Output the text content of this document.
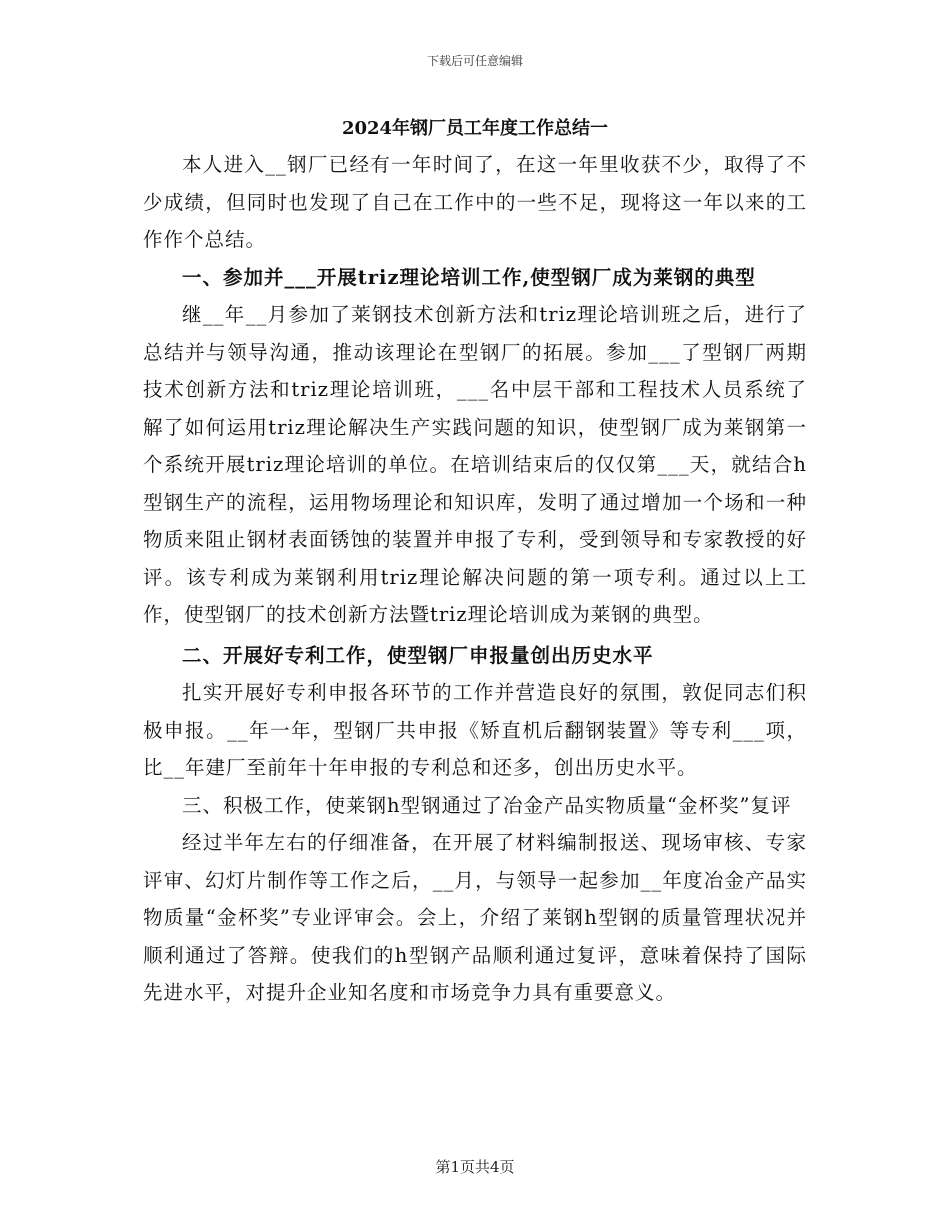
下载后可任意编辑
2024年钢厂员工年度工作总结一

本人进入__钢厂已经有一年时间了，在这一年里收获不少，取得了不少成绩，但同时也发现了自己在工作中的一些不足，现将这一年以来的工作作个总结。

一、参加并___开展triz理论培训工作,使型钢厂成为莱钢的典型

继__年__月参加了莱钢技术创新方法和triz理论培训班之后，进行了总结并与领导沟通，推动该理论在型钢厂的拓展。参加___了型钢厂两期技术创新方法和triz理论培训班，___名中层干部和工程技术人员系统了解了如何运用triz理论解决生产实践问题的知识，使型钢厂成为莱钢第一个系统开展triz理论培训的单位。在培训结束后的仅仅第___天，就结合h型钢生产的流程，运用物场理论和知识库，发明了通过增加一个场和一种物质来阻止钢材表面锈蚀的装置并申报了专利，受到领导和专家教授的好评。该专利成为莱钢利用triz理论解决问题的第一项专利。通过以上工作，使型钢厂的技术创新方法暨triz理论培训成为莱钢的典型。

二、开展好专利工作，使型钢厂申报量创出历史水平

扎实开展好专利申报各环节的工作并营造良好的氛围，敦促同志们积极申报。__年一年，型钢厂共申报《矫直机后翻钢装置》等专利___项，比__年建厂至前年十年申报的专利总和还多，创出历史水平。

三、积极工作，使莱钢h型钢通过了冶金产品实物质量“金杯奖”复评

经过半年左右的仔细准备，在开展了材料编制报送、现场审核、专家评审、幻灯片制作等工作之后，__月，与领导一起参加__年度冶金产品实物质量“金杯奖”专业评审会。会上，介绍了莱钢h型钢的质量管理状况并顺利通过了答辩。使我们的h型钢产品顺利通过复评，意味着保持了国际先进水平，对提升企业知名度和市场竞争力具有重要意义。

第1页共4页
